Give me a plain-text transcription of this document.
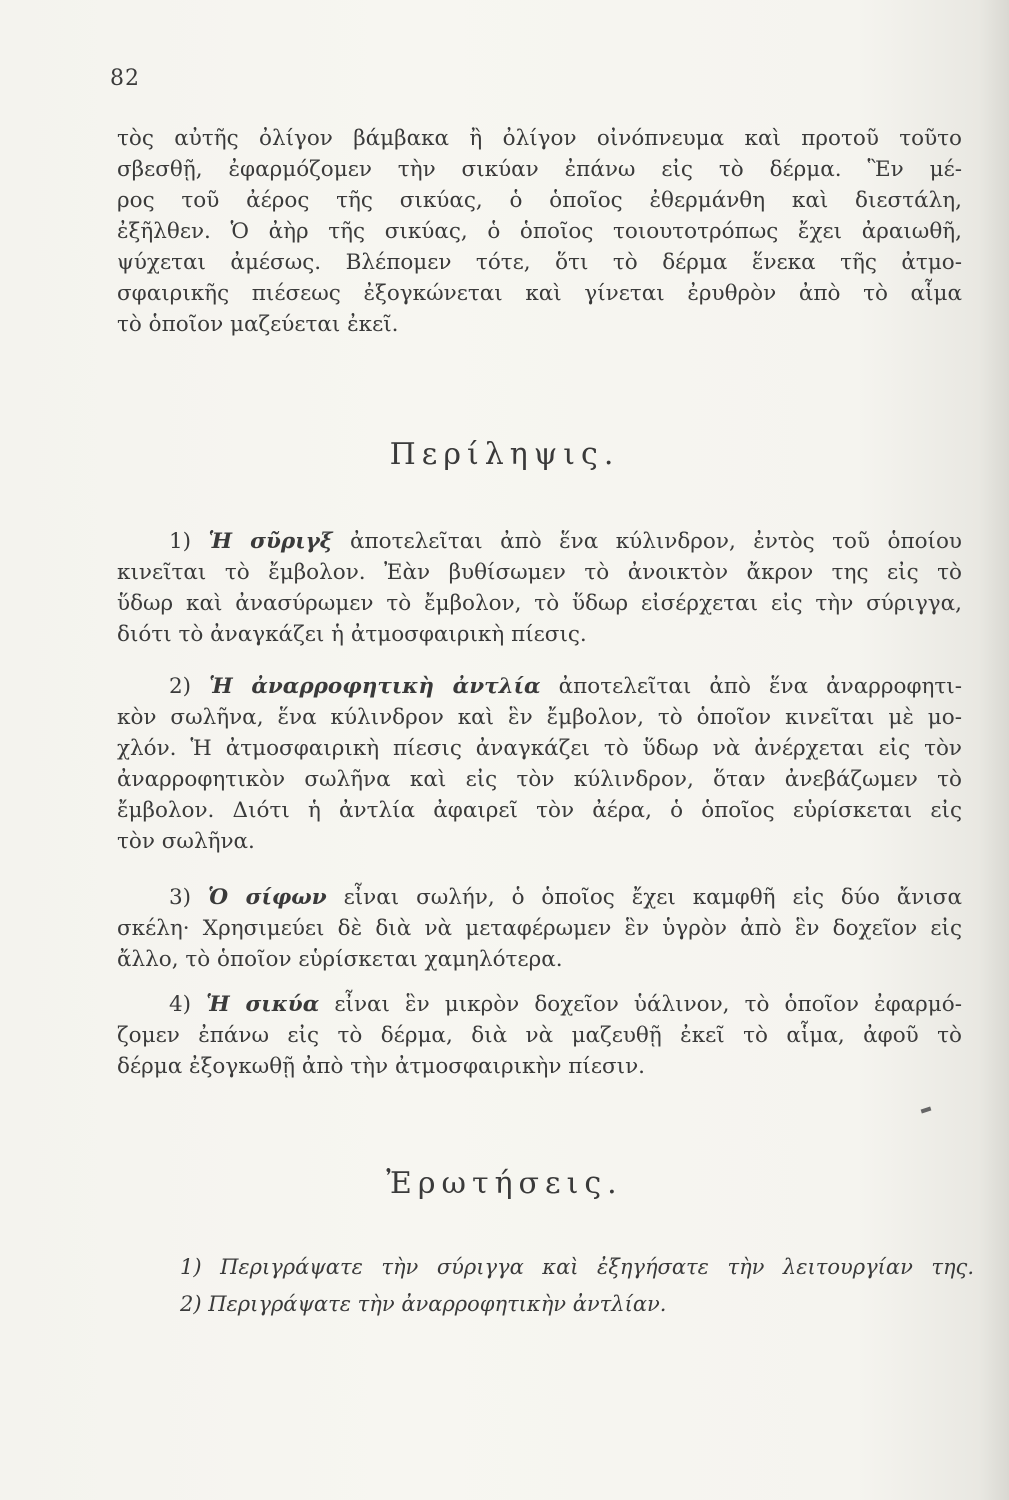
82
τὸς αὐτῆς ὀλίγον βάμβακα ἢ ὀλίγον οἰνόπνευμα καὶ προτοῦ τοῦτο
σβεσθῇ, ἐφαρμόζομεν τὴν σικύαν ἐπάνω εἰς τὸ δέρμα. Ἓν μέ-
ρος τοῦ ἀέρος τῆς σικύας, ὁ ὁποῖος ἐθερμάνθη καὶ διεστάλη,
ἐξῆλθεν. Ὁ ἀὴρ τῆς σικύας, ὁ ὁποῖος τοιουτοτρόπως ἔχει ἀραιωθῆ,
ψύχεται ἀμέσως. Βλέπομεν τότε, ὅτι τὸ δέρμα ἕνεκα τῆς ἀτμο-
σφαιρικῆς πιέσεως ἐξογκώνεται καὶ γίνεται ἐρυθρὸν ἀπὸ τὸ αἷμα
τὸ ὁποῖον μαζεύεται ἐκεῖ.
Περίληψις.
1) Ἡ σῦριγξ ἀποτελεῖται ἀπὸ ἕνα κύλινδρον, ἐντὸς τοῦ ὁποίου
κινεῖται τὸ ἔμβολον. Ἐὰν βυθίσωμεν τὸ ἀνοικτὸν ἄκρον της εἰς τὸ
ὕδωρ καὶ ἀνασύρωμεν τὸ ἔμβολον, τὸ ὕδωρ εἰσέρχεται εἰς τὴν σύριγγα,
διότι τὸ ἀναγκάζει ἡ ἀτμοσφαιρικὴ πίεσις.
2) Ἡ ἀναρροφητικὴ ἀντλία ἀποτελεῖται ἀπὸ ἕνα ἀναρροφητι-
κὸν σωλῆνα, ἕνα κύλινδρον καὶ ἓν ἔμβολον, τὸ ὁποῖον κινεῖται μὲ μο-
χλόν. Ἡ ἀτμοσφαιρικὴ πίεσις ἀναγκάζει τὸ ὕδωρ νὰ ἀνέρχεται εἰς τὸν
ἀναρροφητικὸν σωλῆνα καὶ εἰς τὸν κύλινδρον, ὅταν ἀνεβάζωμεν τὸ
ἔμβολον. Διότι ἡ ἀντλία ἀφαιρεῖ τὸν ἀέρα, ὁ ὁποῖος εὑρίσκεται εἰς
τὸν σωλῆνα.
3) Ὁ σίφων εἶναι σωλήν, ὁ ὁποῖος ἔχει καμφθῆ εἰς δύο ἄνισα
σκέλη· Χρησιμεύει δὲ διὰ νὰ μεταφέρωμεν ἓν ὑγρὸν ἀπὸ ἓν δοχεῖον εἰς
ἄλλο, τὸ ὁποῖον εὑρίσκεται χαμηλότερα.
4) Ἡ σικύα εἶναι ἓν μικρὸν δοχεῖον ὑάλινον, τὸ ὁποῖον ἐφαρμό-
ζομεν ἐπάνω εἰς τὸ δέρμα, διὰ νὰ μαζευθῇ ἐκεῖ τὸ αἷμα, ἀφοῦ τὸ
δέρμα ἐξογκωθῇ ἀπὸ τὴν ἀτμοσφαιρικὴν πίεσιν.
Ἐρωτήσεις.
1) Περιγράψατε τὴν σύριγγα καὶ ἐξηγήσατε τὴν λειτουργίαν της.
2) Περιγράψατε τὴν ἀναρροφητικὴν ἀντλίαν.
